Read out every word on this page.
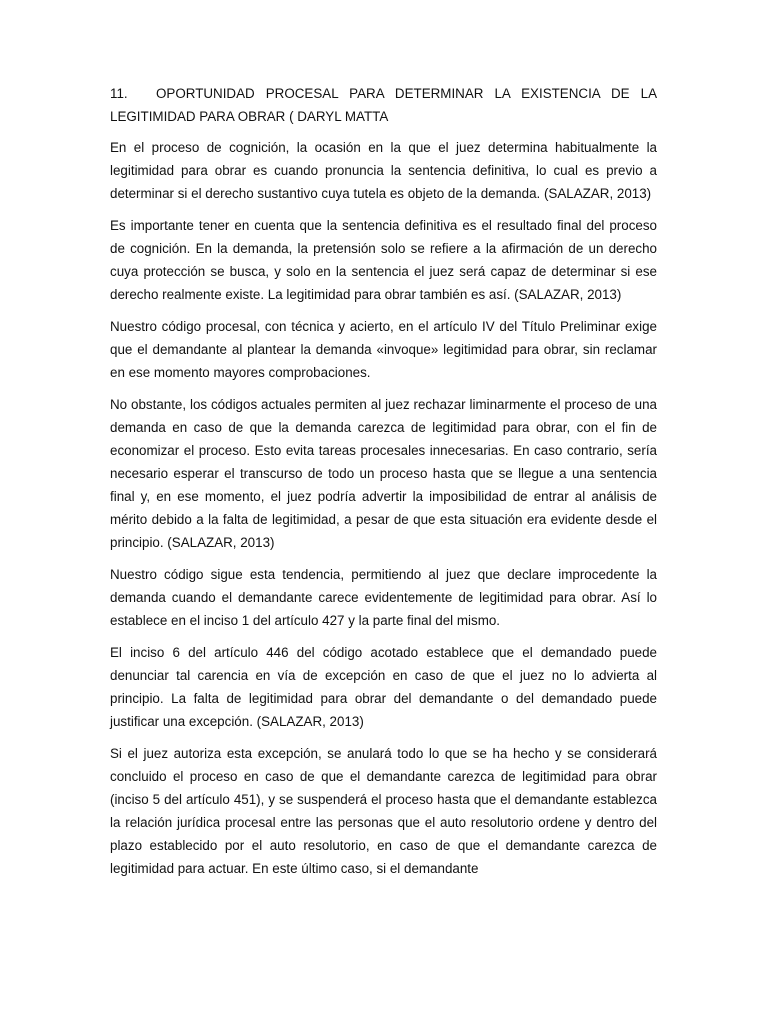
11. OPORTUNIDAD PROCESAL PARA DETERMINAR LA EXISTENCIA DE LA LEGITIMIDAD PARA OBRAR ( DARYL MATTA

En el proceso de cognición, la ocasión en la que el juez determina habitualmente la legitimidad para obrar es cuando pronuncia la sentencia definitiva, lo cual es previo a determinar si el derecho sustantivo cuya tutela es objeto de la demanda. (SALAZAR, 2013)

Es importante tener en cuenta que la sentencia definitiva es el resultado final del proceso de cognición. En la demanda, la pretensión solo se refiere a la afirmación de un derecho cuya protección se busca, y solo en la sentencia el juez será capaz de determinar si ese derecho realmente existe. La legitimidad para obrar también es así. (SALAZAR, 2013)

Nuestro código procesal, con técnica y acierto, en el artículo IV del Título Preliminar exige que el demandante al plantear la demanda «invoque» legitimidad para obrar, sin reclamar en ese momento mayores comprobaciones.

No obstante, los códigos actuales permiten al juez rechazar liminarmente el proceso de una demanda en caso de que la demanda carezca de legitimidad para obrar, con el fin de economizar el proceso. Esto evita tareas procesales innecesarias. En caso contrario, sería necesario esperar el transcurso de todo un proceso hasta que se llegue a una sentencia final y, en ese momento, el juez podría advertir la imposibilidad de entrar al análisis de mérito debido a la falta de legitimidad, a pesar de que esta situación era evidente desde el principio. (SALAZAR, 2013)

Nuestro código sigue esta tendencia, permitiendo al juez que declare improcedente la demanda cuando el demandante carece evidentemente de legitimidad para obrar. Así lo establece en el inciso 1 del artículo 427 y la parte final del mismo.

El inciso 6 del artículo 446 del código acotado establece que el demandado puede denunciar tal carencia en vía de excepción en caso de que el juez no lo advierta al principio. La falta de legitimidad para obrar del demandante o del demandado puede justificar una excepción. (SALAZAR, 2013)

Si el juez autoriza esta excepción, se anulará todo lo que se ha hecho y se considerará concluido el proceso en caso de que el demandante carezca de legitimidad para obrar (inciso 5 del artículo 451), y se suspenderá el proceso hasta que el demandante establezca la relación jurídica procesal entre las personas que el auto resolutorio ordene y dentro del plazo establecido por el auto resolutorio, en caso de que el demandante carezca de legitimidad para actuar. En este último caso, si el demandante
